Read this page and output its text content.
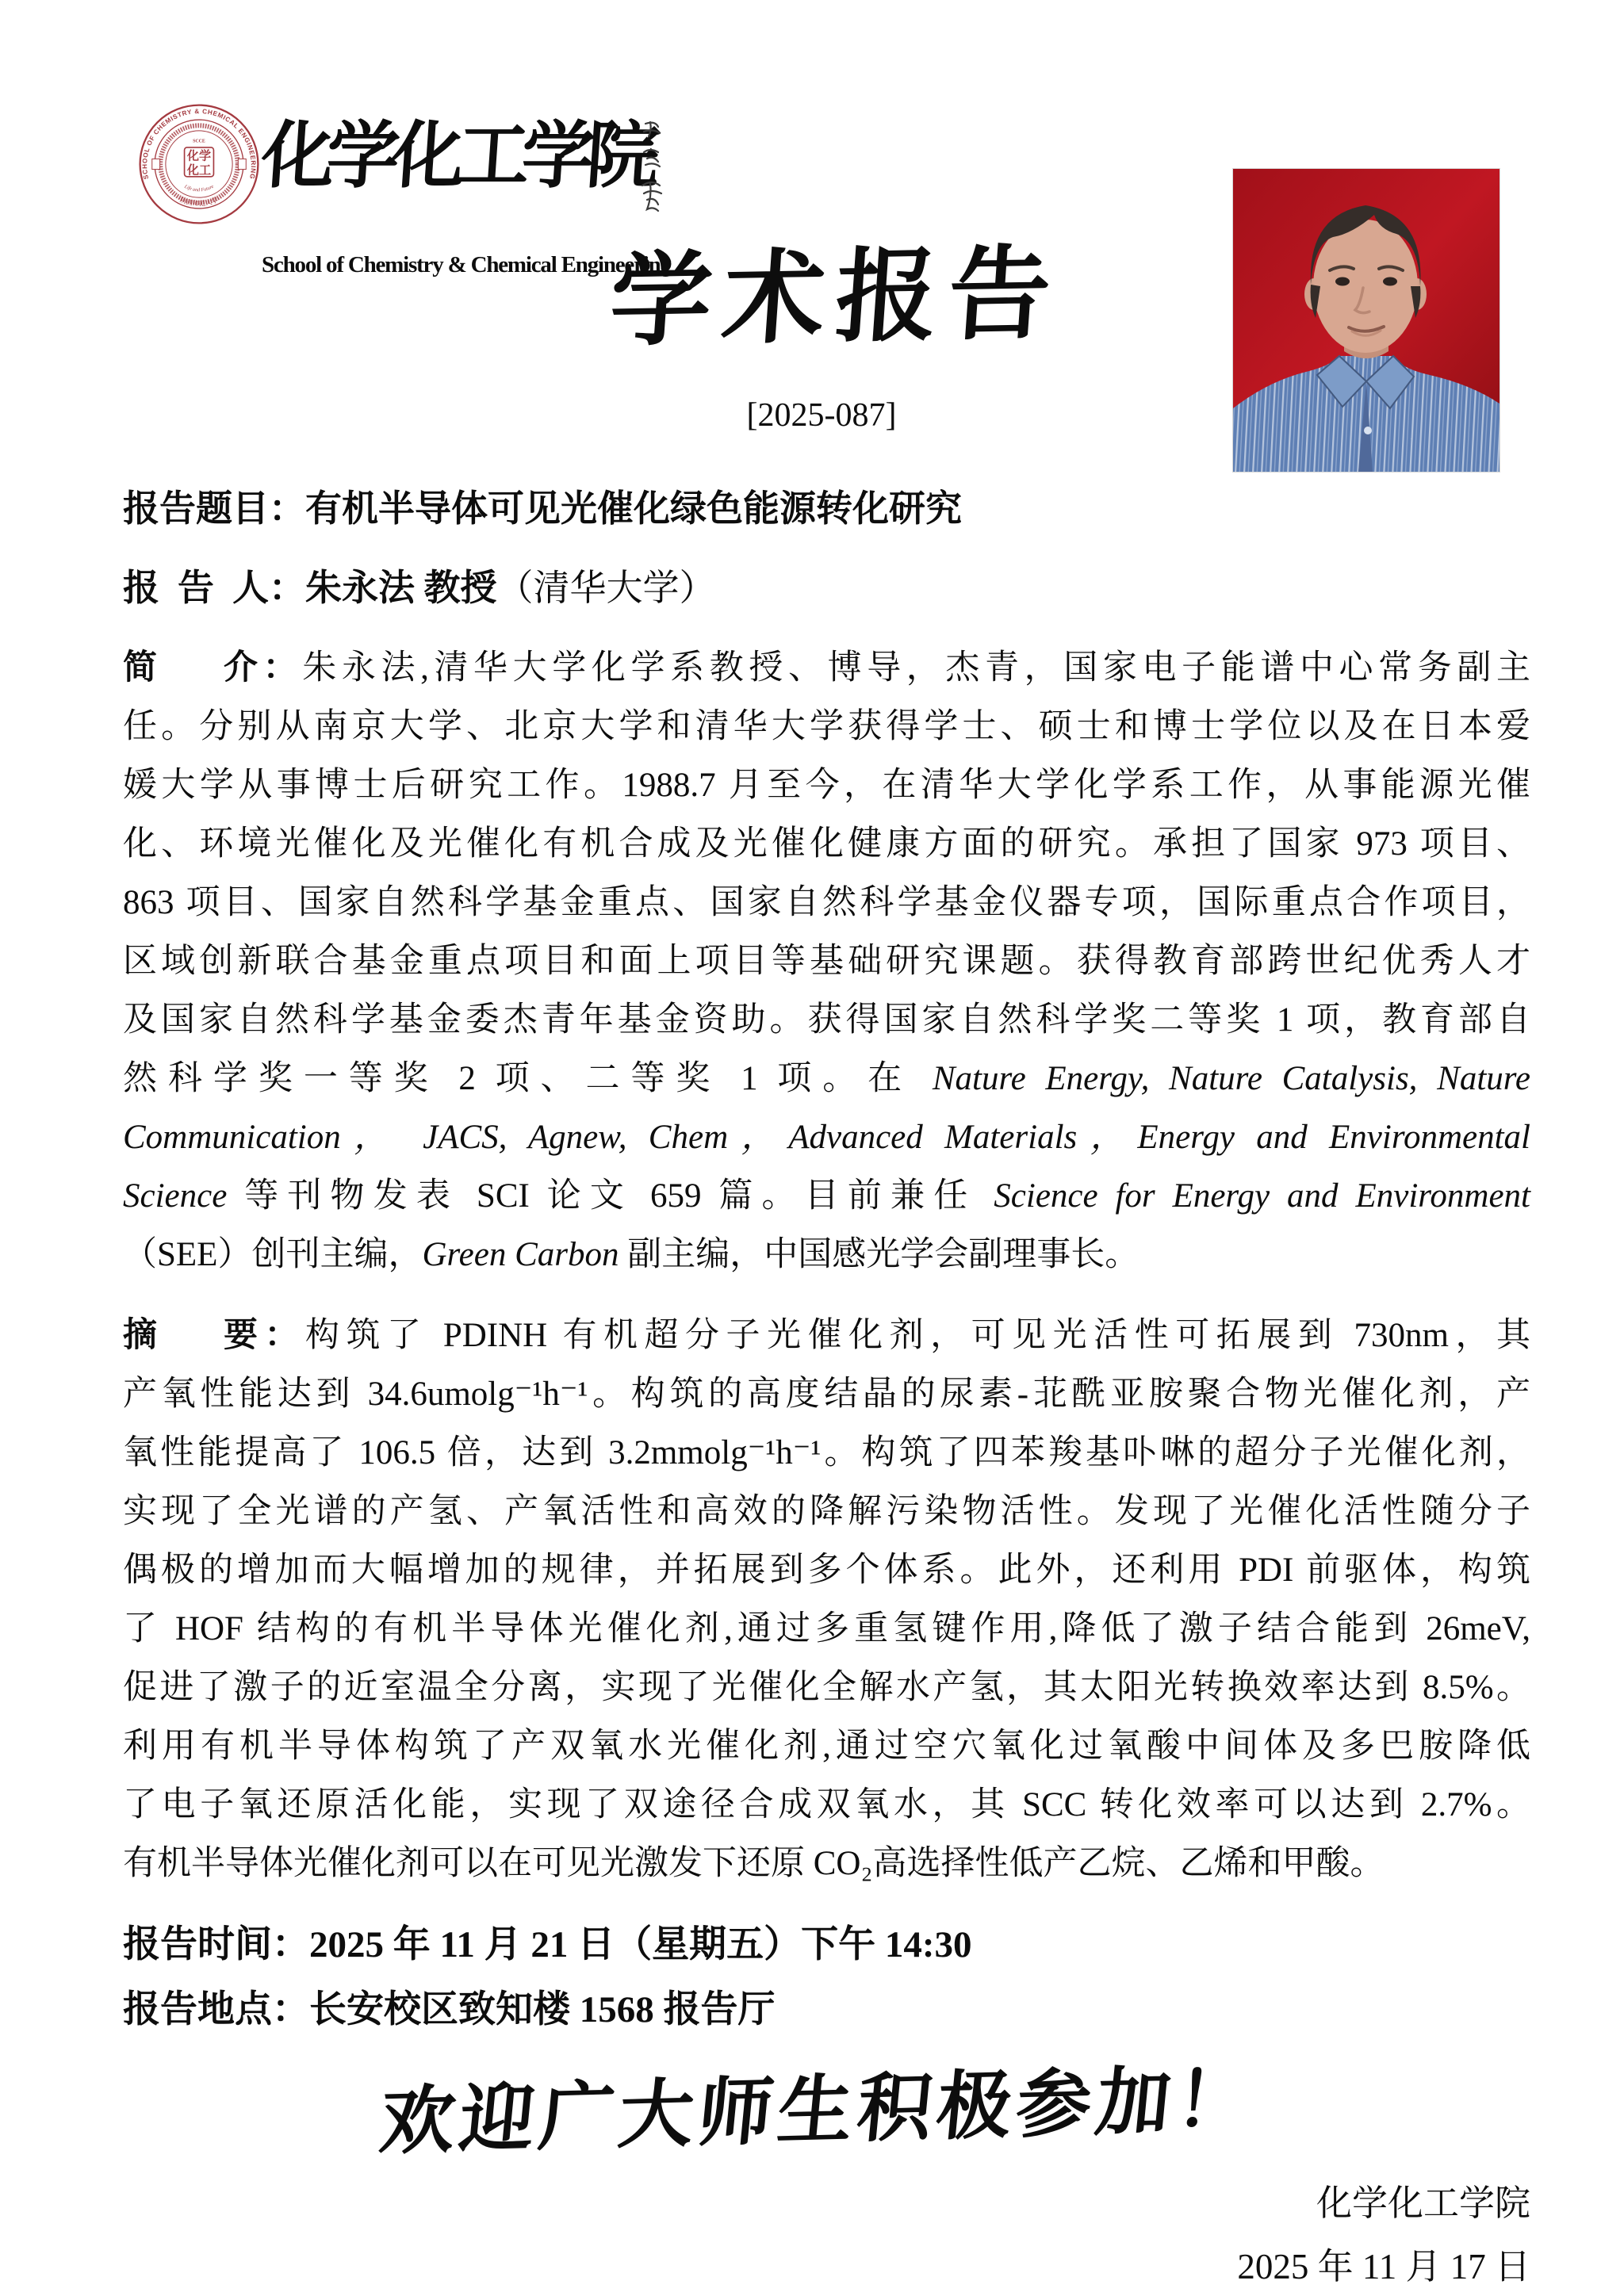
SCHOOL OF CHEMISTRY & CHEMICAL ENGINEERING
SCCE
化学
化工
Life and Future
·陕西师范大学·
化学化工学院
School of Chemistry & Chemical Engineering
学术报告
[2025-087]
报告题目：有机半导体可见光催化绿色能源转化研究
报告人：朱永法 教授（清华大学）
简介：朱永法,清华大学化学系教授、博导，杰青，国家电子能谱中心常务副主
任。分别从南京大学、北京大学和清华大学获得学士、硕士和博士学位以及在日本爱
媛大学从事博士后研究工作。1988.7 月至今，在清华大学化学系工作，从事能源光催
化、环境光催化及光催化有机合成及光催化健康方面的研究。承担了国家 973 项目、
863 项目、国家自然科学基金重点、国家自然科学基金仪器专项，国际重点合作项目，
区域创新联合基金重点项目和面上项目等基础研究课题。获得教育部跨世纪优秀人才
及国家自然科学基金委杰青年基金资助。获得国家自然科学奖二等奖 1 项，教育部自
然科学奖一等奖 2 项、二等奖 1 项。在 Nature Energy, Nature Catalysis, Nature
Communication， JACS, Agnew, Chem，Advanced Materials，Energy and Environmental
Science 等刊物发表 SCI 论文 659 篇。目前兼任 Science for Energy and Environment
（SEE）创刊主编，Green Carbon 副主编，中国感光学会副理事长。
摘要：构筑了 PDINH 有机超分子光催化剂，可见光活性可拓展到 730nm，其
产氧性能达到 34.6umolg⁻¹h⁻¹。构筑的高度结晶的尿素-苝酰亚胺聚合物光催化剂，产
氧性能提高了 106.5 倍，达到 3.2mmolg⁻¹h⁻¹。构筑了四苯羧基卟啉的超分子光催化剂，
实现了全光谱的产氢、产氧活性和高效的降解污染物活性。发现了光催化活性随分子
偶极的增加而大幅增加的规律，并拓展到多个体系。此外，还利用 PDI 前驱体，构筑
了 HOF 结构的有机半导体光催化剂,通过多重氢键作用,降低了激子结合能到 26meV,
促进了激子的近室温全分离，实现了光催化全解水产氢，其太阳光转换效率达到 8.5%。
利用有机半导体构筑了产双氧水光催化剂,通过空穴氧化过氧酸中间体及多巴胺降低
了电子氧还原活化能，实现了双途径合成双氧水，其 SCC 转化效率可以达到 2.7%。
有机半导体光催化剂可以在可见光激发下还原 CO₂高选择性低产乙烷、乙烯和甲酸。
报告时间：2025 年 11 月 21 日（星期五）下午 14:30
报告地点：长安校区致知楼 1568 报告厅
欢迎广大师生积极参加！
化学化工学院
2025 年 11 月 17 日
